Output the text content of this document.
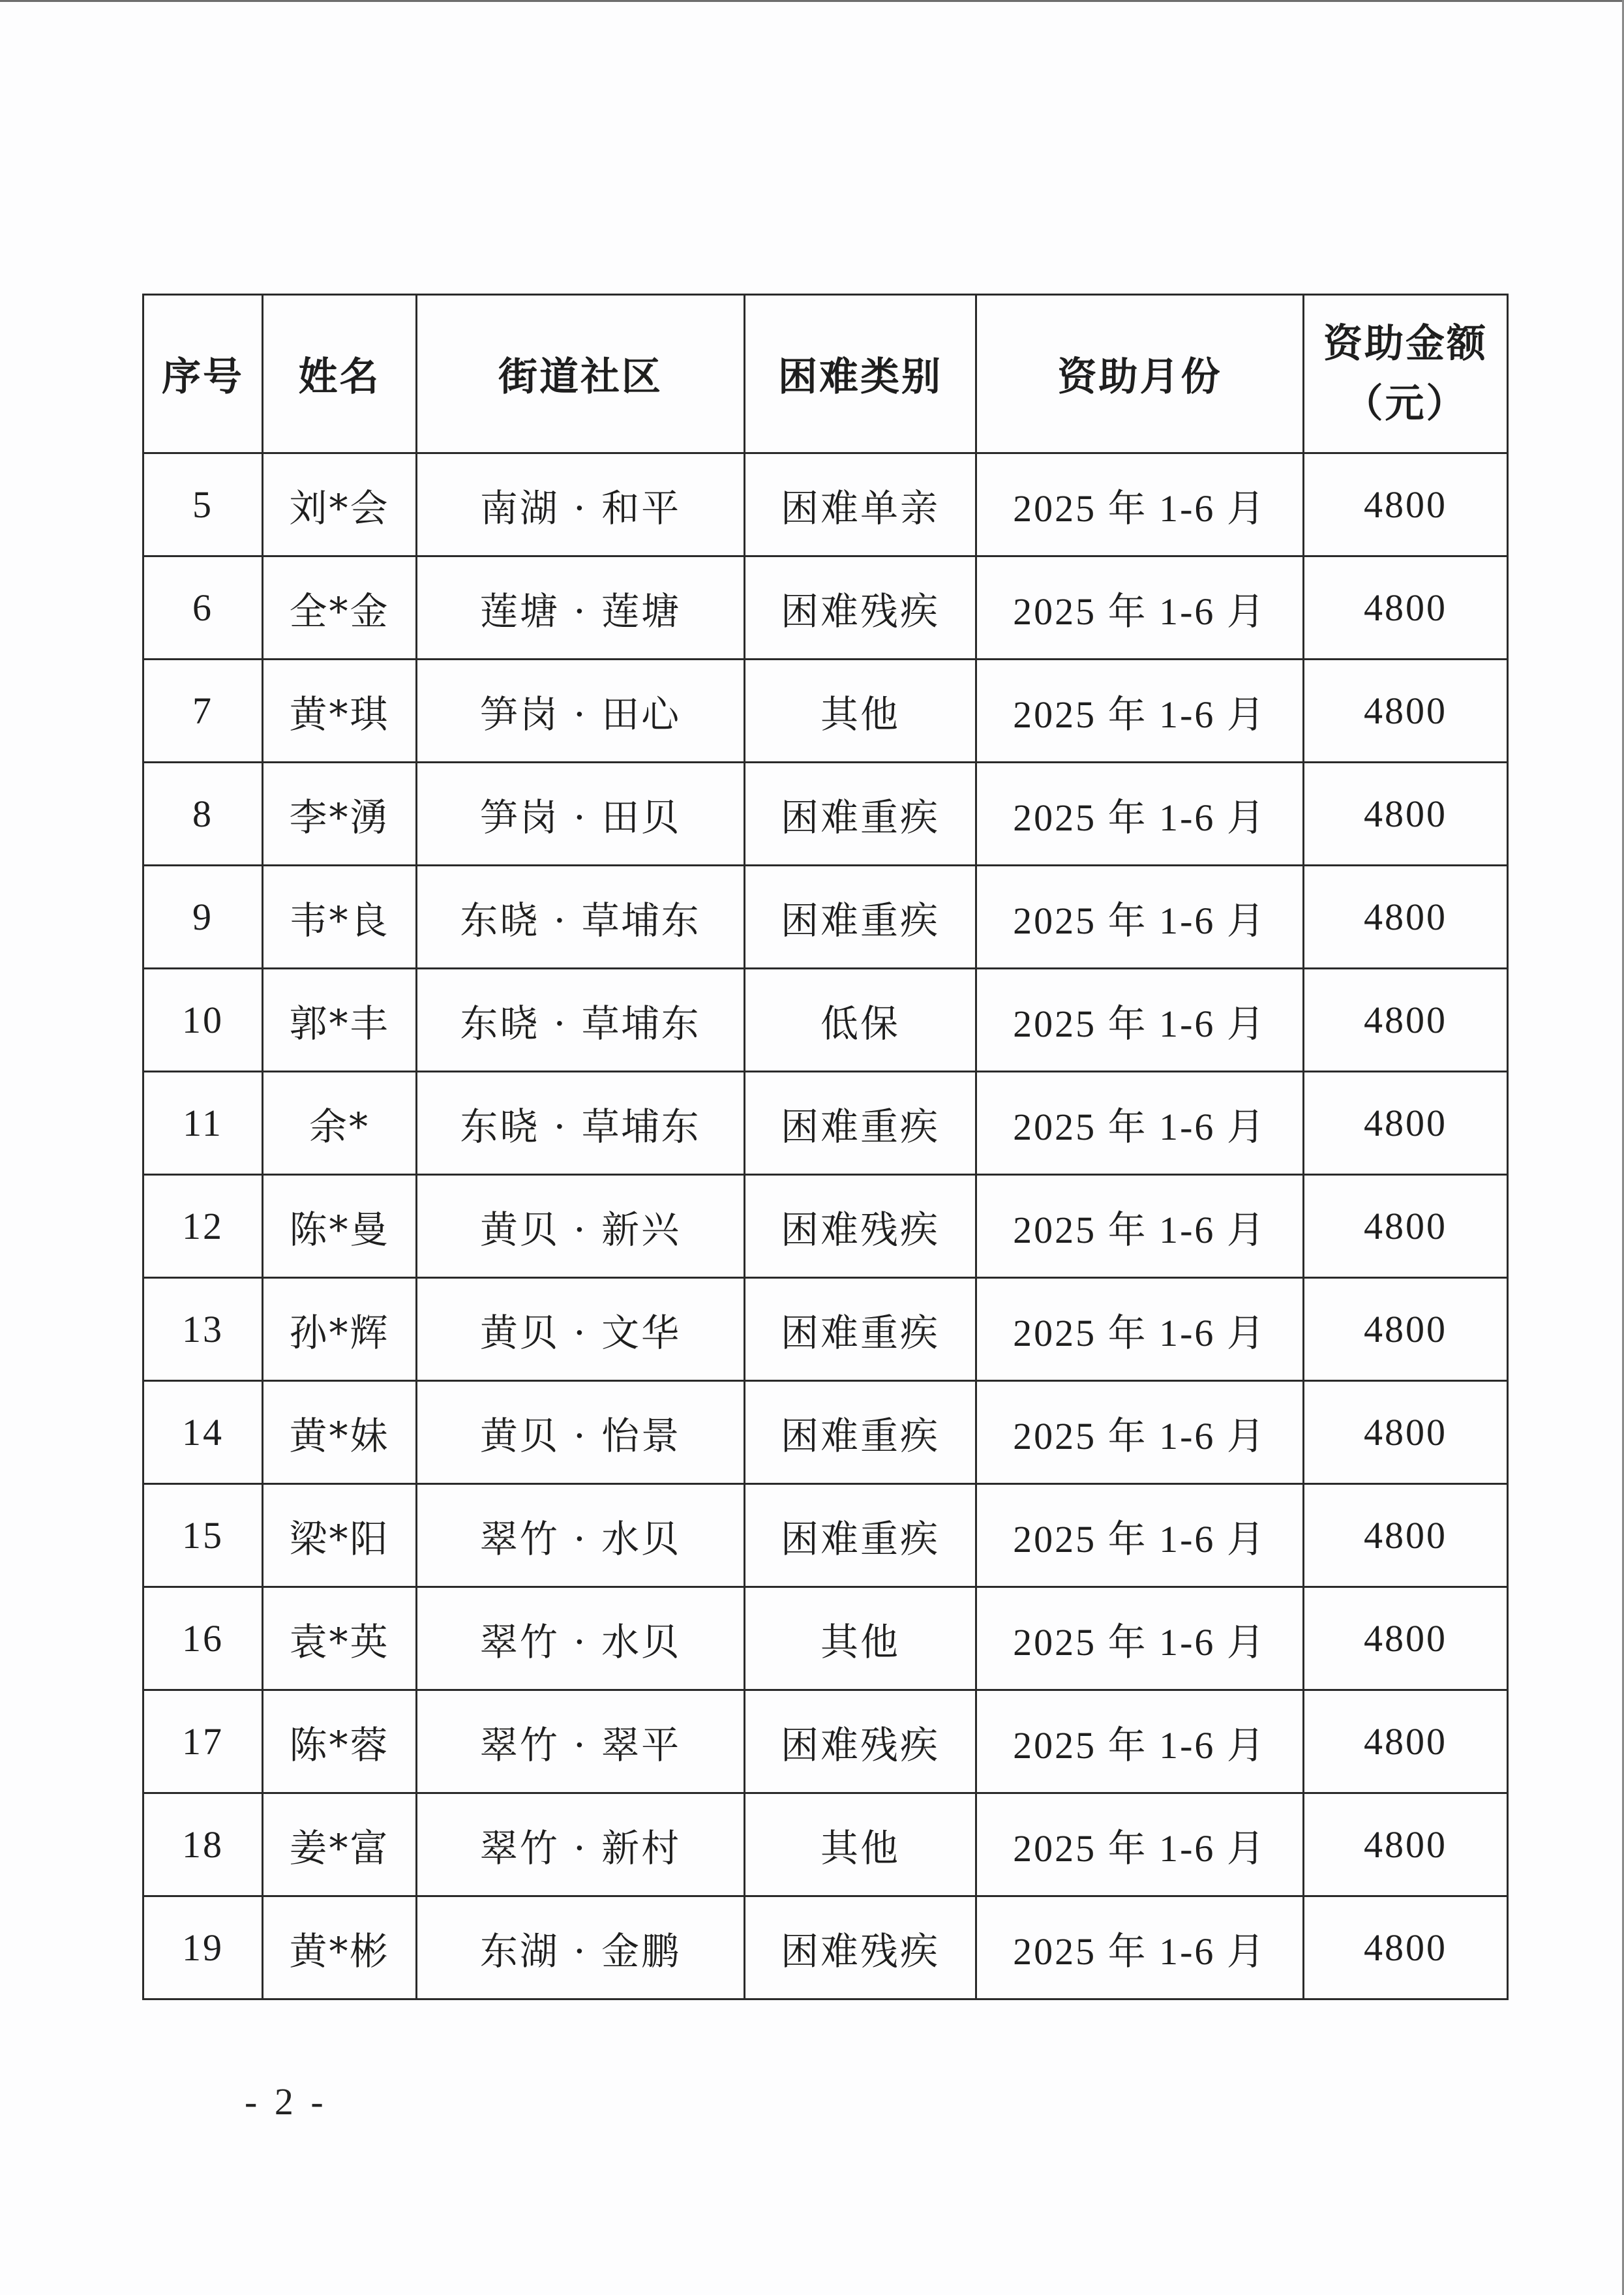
序号	姓名	街道社区	困难类别	资助月份	资助金额
（元）

5	刘*会	南湖 · 和平	困难单亲	2025 年 1-6 月	4800
6	全*金	莲塘 · 莲塘	困难残疾	2025 年 1-6 月	4800
7	黄*琪	笋岗 · 田心	其他	2025 年 1-6 月	4800
8	李*湧	笋岗 · 田贝	困难重疾	2025 年 1-6 月	4800
9	韦*良	东晓 · 草埔东	困难重疾	2025 年 1-6 月	4800
10	郭*丰	东晓 · 草埔东	低保	2025 年 1-6 月	4800
11	余*	东晓 · 草埔东	困难重疾	2025 年 1-6 月	4800
12	陈*曼	黄贝 · 新兴	困难残疾	2025 年 1-6 月	4800
13	孙*辉	黄贝 · 文华	困难重疾	2025 年 1-6 月	4800
14	黄*妹	黄贝 · 怡景	困难重疾	2025 年 1-6 月	4800
15	梁*阳	翠竹 · 水贝	困难重疾	2025 年 1-6 月	4800
16	袁*英	翠竹 · 水贝	其他	2025 年 1-6 月	4800
17	陈*蓉	翠竹 · 翠平	困难残疾	2025 年 1-6 月	4800
18	姜*富	翠竹 · 新村	其他	2025 年 1-6 月	4800
19	黄*彬	东湖 · 金鹏	困难残疾	2025 年 1-6 月	4800
- 2 -
